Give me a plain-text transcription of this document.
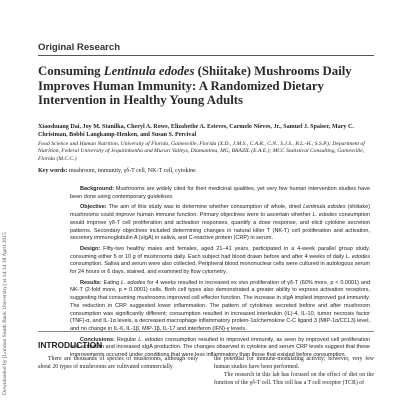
Downloaded by [London South Bank University] at 14:14 18 April 2015
Original Research
Consuming Lentinula edodes (Shiitake) Mushrooms Daily Improves Human Immunity: A Randomized Dietary Intervention in Healthy Young Adults
Xiaoshuang Dai, Joy M. Stanilka, Cheryl A. Rowe, Elizabethe A. Esteves, Carmelo Nieves, Jr., Samuel J. Spaiser, Mary C. Christman, Bobbi Langkamp-Henken, and Susan S. Percival
Food Science and Human Nutrition, University of Florida, Gainesville, Florida (X.D., J.M.S., C.A.R., C.N., S.J.S., B.L.-H., S.S.P.); Department of Nutrition, Federal University of Jequitinhonha and Mucuri Valleys, Diamantina, MG, BRAZIL (E.A.E.); MCC Statistical Consulting, Gainesville, Florida (M.C.C.)
Key words: mushroom, immunity, γδ-T cell, NK-T cell, cytokine

Background: Mushrooms are widely cited for their medicinal qualities, yet very few human intervention studies have been done using contemporary guidelines.

Objective: The aim of this study was to determine whether consumption of whole, dried Lentinula edodes (shiitake) mushrooms could improve human immune function. Primary objectives were to ascertain whether L. edodes consumption would improve γδ-T cell proliferation and activation responses, quantify a dose response, and elicit cytokine secretion patterns. Secondary objectives included determining changes in natural killer T (NK-T) cell proliferation and activation, secretory immunoglobulin A (sIgA) in saliva, and C-reactive protein (CRP) in serum.

Design: Fifty-two healthy males and females, aged 21–41 years, participated in a 4-week parallel group study, consuming either 5 or 10 g of mushrooms daily. Each subject had blood drawn before and after 4 weeks of daily L. edodes consumption. Saliva and serum were also collected. Peripheral blood mononuclear cells were cultured in autologous serum for 24 hours or 6 days, stained, and examined by flow cytometry.

Results: Eating L. edodes for 4 weeks resulted in increased ex vivo proliferation of γδ-T (60% more, p < 0.0001) and NK-T (2-fold more, p = 0.0001) cells. Both cell types also demonstrated a greater ability to express activation receptors, suggesting that consuming mushrooms improved cell effector function. The increase in sIgA implied improved gut immunity. The reduction in CRP suggested lower inflammation. The pattern of cytokines secreted before and after mushroom consumption was significantly different; consumption resulted in increased interleukin (IL)-4, IL-10, tumor necrosis factor (TNF)-α, and IL-1α levels, a decreased macrophage inflammatory protein-1α/chemokine C-C ligand 3 (MIP-1α/CCL3) level, and no change in IL-6, IL-1β, MIP-1β, IL-17 and interferon (IFN)-γ levels.

Conclusions: Regular L. edodes consumption resulted in improved immunity, as seen by improved cell proliferation and activation and increased sIgA production. The changes observed in cytokine and serum CRP levels suggest that these improvements occurred under conditions that were less inflammatory than those that existed before consumption.

INTRODUCTION
There are thousands of species of mushrooms, although only about 20 types of mushrooms are cultivated commercially

the potential for immune-modulating activity; however, very few human studies have been performed.

The research in this lab has focused on the effect of diet on the function of the γδ-T cell. This cell has a T cell receptor (TCR) of
